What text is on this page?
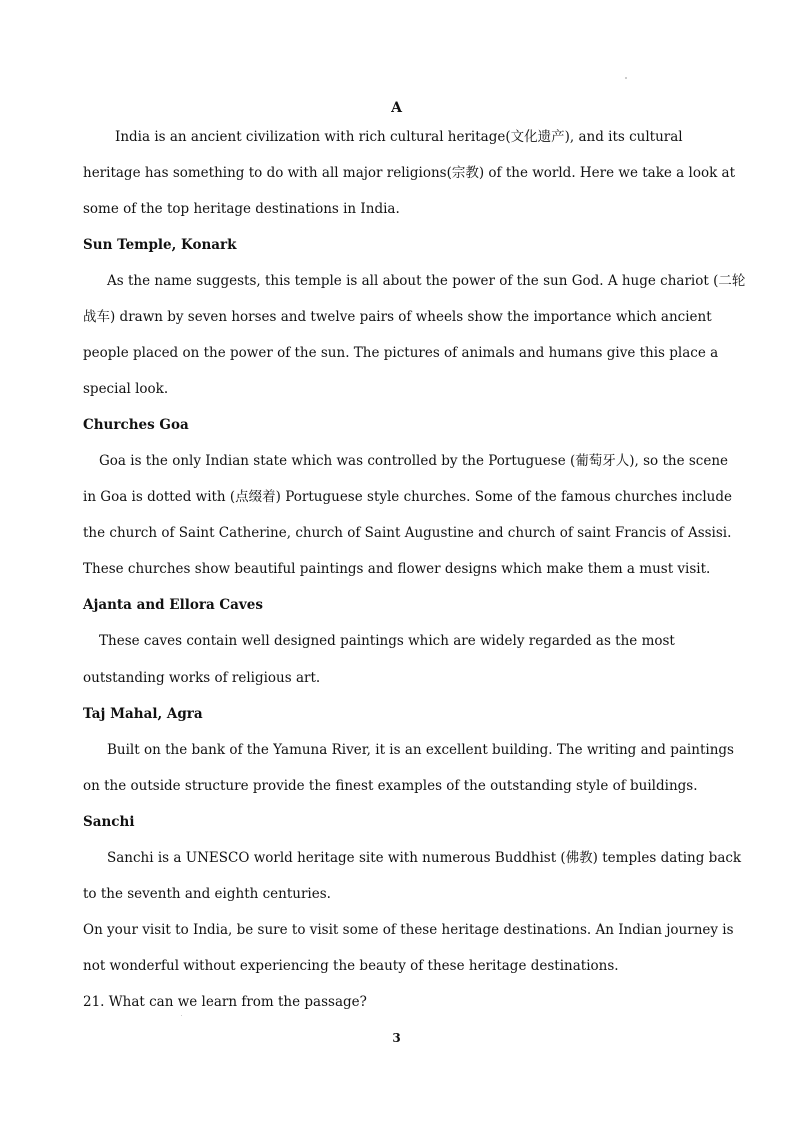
A
India is an ancient civilization with rich cultural heritage(文化遗产), and its cultural
heritage has something to do with all major religions(宗教) of the world. Here we take a look at
some of the top heritage destinations in India.
Sun Temple, Konark
As the name suggests, this temple is all about the power of the sun God. A huge chariot (二轮
战车) drawn by seven horses and twelve pairs of wheels show the importance which ancient
people placed on the power of the sun. The pictures of animals and humans give this place a
special look.
Churches Goa
Goa is the only Indian state which was controlled by the Portuguese (葡萄牙人), so the scene
in Goa is dotted with (点缀着) Portuguese style churches. Some of the famous churches include
the church of Saint Catherine, church of Saint Augustine and church of saint Francis of Assisi.
These churches show beautiful paintings and flower designs which make them a must visit.
Ajanta and Ellora Caves
These caves contain well designed paintings which are widely regarded as the most
outstanding works of religious art.
Taj Mahal, Agra
Built on the bank of the Yamuna River, it is an excellent building. The writing and paintings
on the outside structure provide the finest examples of the outstanding style of buildings.
Sanchi
Sanchi is a UNESCO world heritage site with numerous Buddhist (佛教) temples dating back
to the seventh and eighth centuries.
On your visit to India, be sure to visit some of these heritage destinations. An Indian journey is
not wonderful without experiencing the beauty of these heritage destinations.
21. What can we learn from the passage?
3
